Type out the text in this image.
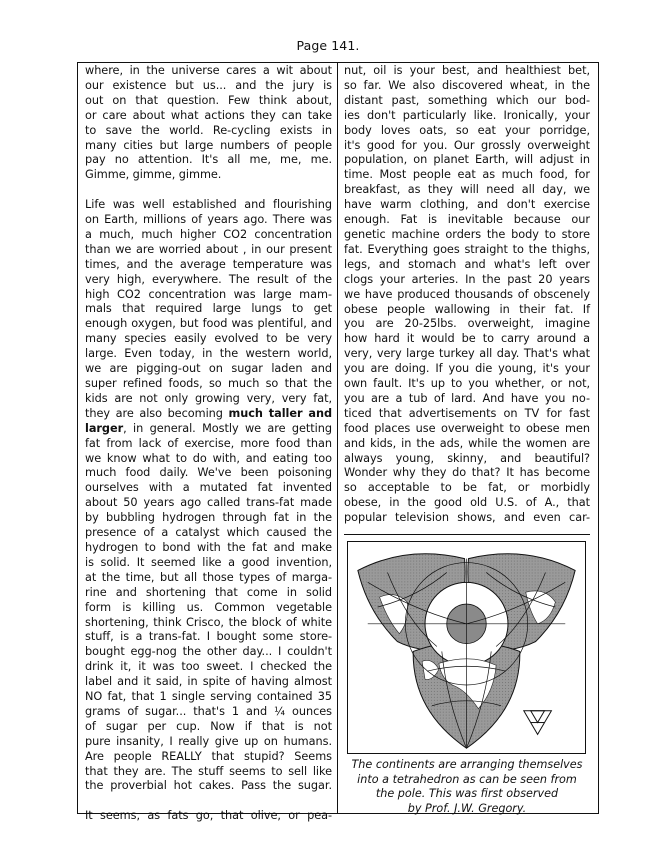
Page 141.

where, in the universe cares a wit about
our existence but us... and the jury is
out on that question. Few think about,
or care about what actions they can take
to save the world. Re-cycling exists in
many cities but large numbers of people
pay no attention. It's all me, me, me.
Gimme, gimme, gimme.

Life was well established and flourishing
on Earth, millions of years ago. There was
a much, much higher CO2 concentration
than we are worried about , in our present
times, and the average temperature was
very high, everywhere. The result of the
high CO2 concentration was large mam-
mals that required large lungs to get
enough oxygen, but food was plentiful, and
many species easily evolved to be very
large. Even today, in the western world,
we are pigging-out on sugar laden and
super refined foods, so much so that the
kids are not only growing very, very fat,
they are also becoming much taller and
larger, in general. Mostly we are getting
fat from lack of exercise, more food than
we know what to do with, and eating too
much food daily. We've been poisoning
ourselves with a mutated fat invented
about 50 years ago called trans-fat made
by bubbling hydrogen through fat in the
presence of a catalyst which caused the
hydrogen to bond with the fat and make
is solid. It seemed like a good invention,
at the time, but all those types of marga-
rine and shortening that come in solid
form is killing us. Common vegetable
shortening, think Crisco, the block of white
stuff, is a trans-fat. I bought some store-
bought egg-nog the other day... I couldn't
drink it, it was too sweet. I checked the
label and it said, in spite of having almost
NO fat, that 1 single serving contained 35
grams of sugar... that's 1 and ¼ ounces
of sugar per cup. Now if that is not
pure insanity, I really give up on humans.
Are people REALLY that stupid? Seems
that they are. The stuff seems to sell like
the proverbial hot cakes. Pass the sugar.

It seems, as fats go, that olive, or pea-

nut, oil is your best, and healthiest bet,
so far. We also discovered wheat, in the
distant past, something which our bod-
ies don't particularly like. Ironically, your
body loves oats, so eat your porridge,
it's good for you. Our grossly overweight
population, on planet Earth, will adjust in
time. Most people eat as much food, for
breakfast, as they will need all day, we
have warm clothing, and don't exercise
enough. Fat is inevitable because our
genetic machine orders the body to store
fat. Everything goes straight to the thighs,
legs, and stomach and what's left over
clogs your arteries. In the past 20 years
we have produced thousands of obscenely
obese people wallowing in their fat. If
you are 20-25lbs. overweight, imagine
how hard it would be to carry around a
very, very large turkey all day. That's what
you are doing. If you die young, it's your
own fault. It's up to you whether, or not,
you are a tub of lard. And have you no-
ticed that advertisements on TV for fast
food places use overweight to obese men
and kids, in the ads, while the women are
always young, skinny, and beautiful?
Wonder why they do that? It has become
so acceptable to be fat, or morbidly
obese, in the good old U.S. of A., that
popular television shows, and even car-

The continents are arranging themselves
into a tetrahedron as can be seen from
the pole. This was first observed
by Prof. J.W. Gregory.
